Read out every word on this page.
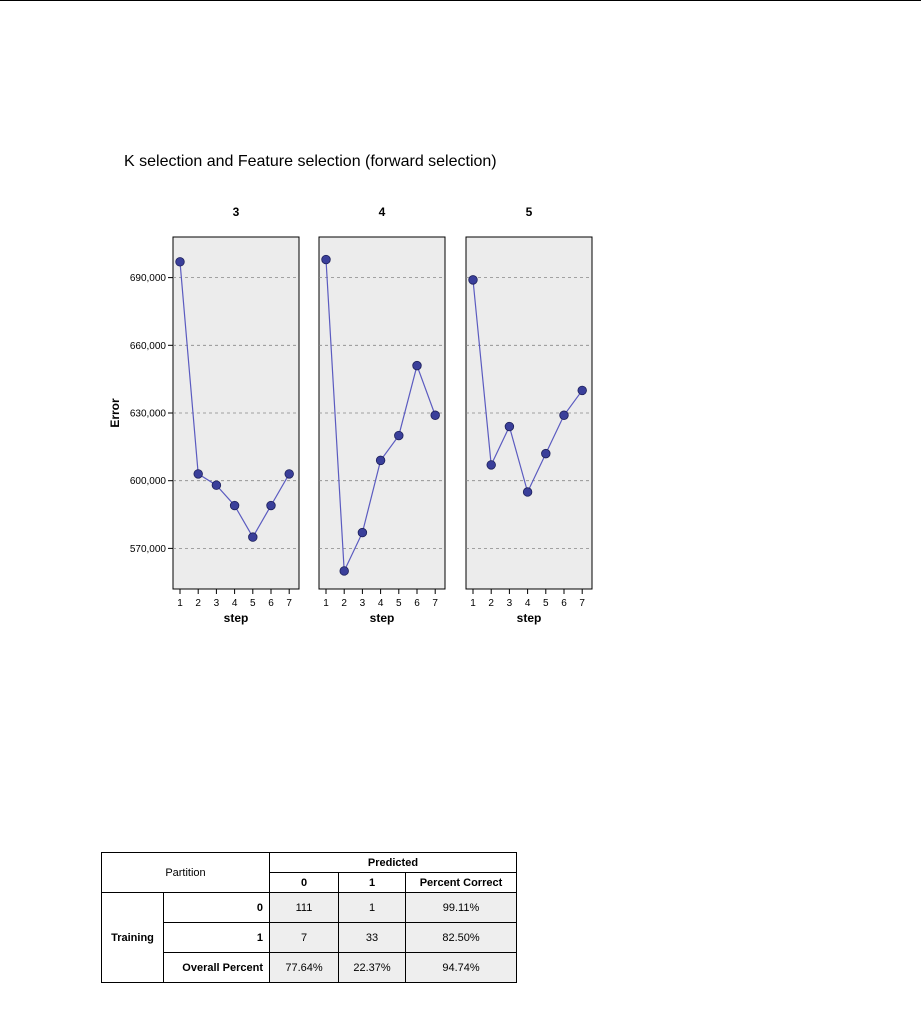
K selection and Feature selection (forward selection)
Error
570,000
600,000
630,000
660,000
690,000
3
1 2 3 4 5 6 7
step
4
1 2 3 4 5 6 7
step
5
1 2 3 4 5 6 7
step
Partition		Predicted		
		0	1	Percent Correct
Training	0	111	1	99.11%
	1	7	33	82.50%
	Overall Percent	77.64%	22.37%	94.74%
